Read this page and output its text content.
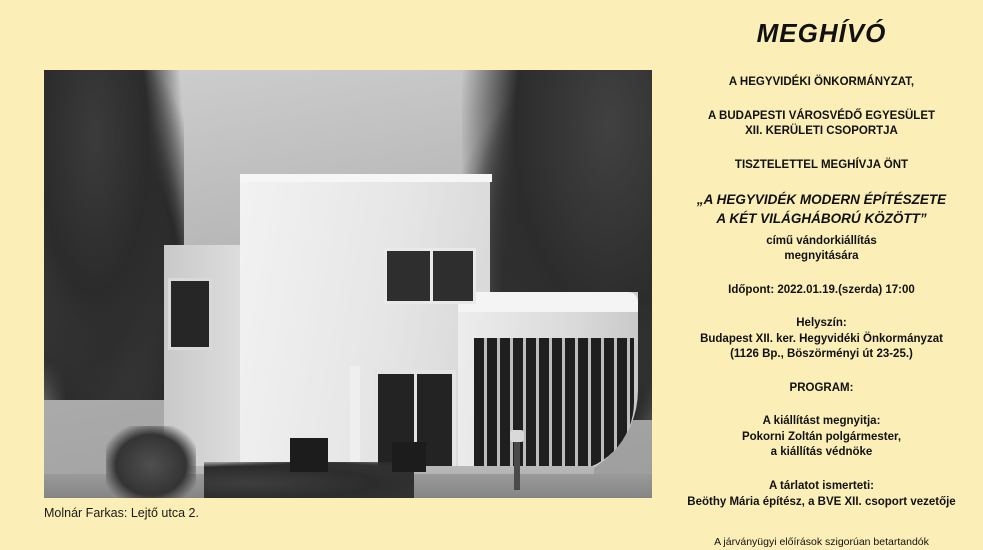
Molnár Farkas: Lejtő utca 2.
MEGHÍVÓ
A HEGYVIDÉKI ÖNKORMÁNYZAT,
A BUDAPESTI VÁROSVÉDŐ EGYESÜLET
XII. KERÜLETI CSOPORTJA
TISZTELETTEL MEGHÍVJA ÖNT
„A HEGYVIDÉK MODERN ÉPÍTÉSZETE
A KÉT VILÁGHÁBORÚ KÖZÖTT”
című vándorkiállítás
megnyitására
Időpont: 2022.01.19.(szerda) 17:00
Helyszín:
Budapest XII. ker. Hegyvidéki Önkormányzat
(1126 Bp., Böszörményi út 23-25.)
PROGRAM:
A kiállítást megnyitja:
Pokorni Zoltán polgármester,
a kiállítás védnöke
A tárlatot ismerteti:
Beöthy Mária építész, a BVE XII. csoport vezetője
A járványügyi előírások szigorúan betartandók
